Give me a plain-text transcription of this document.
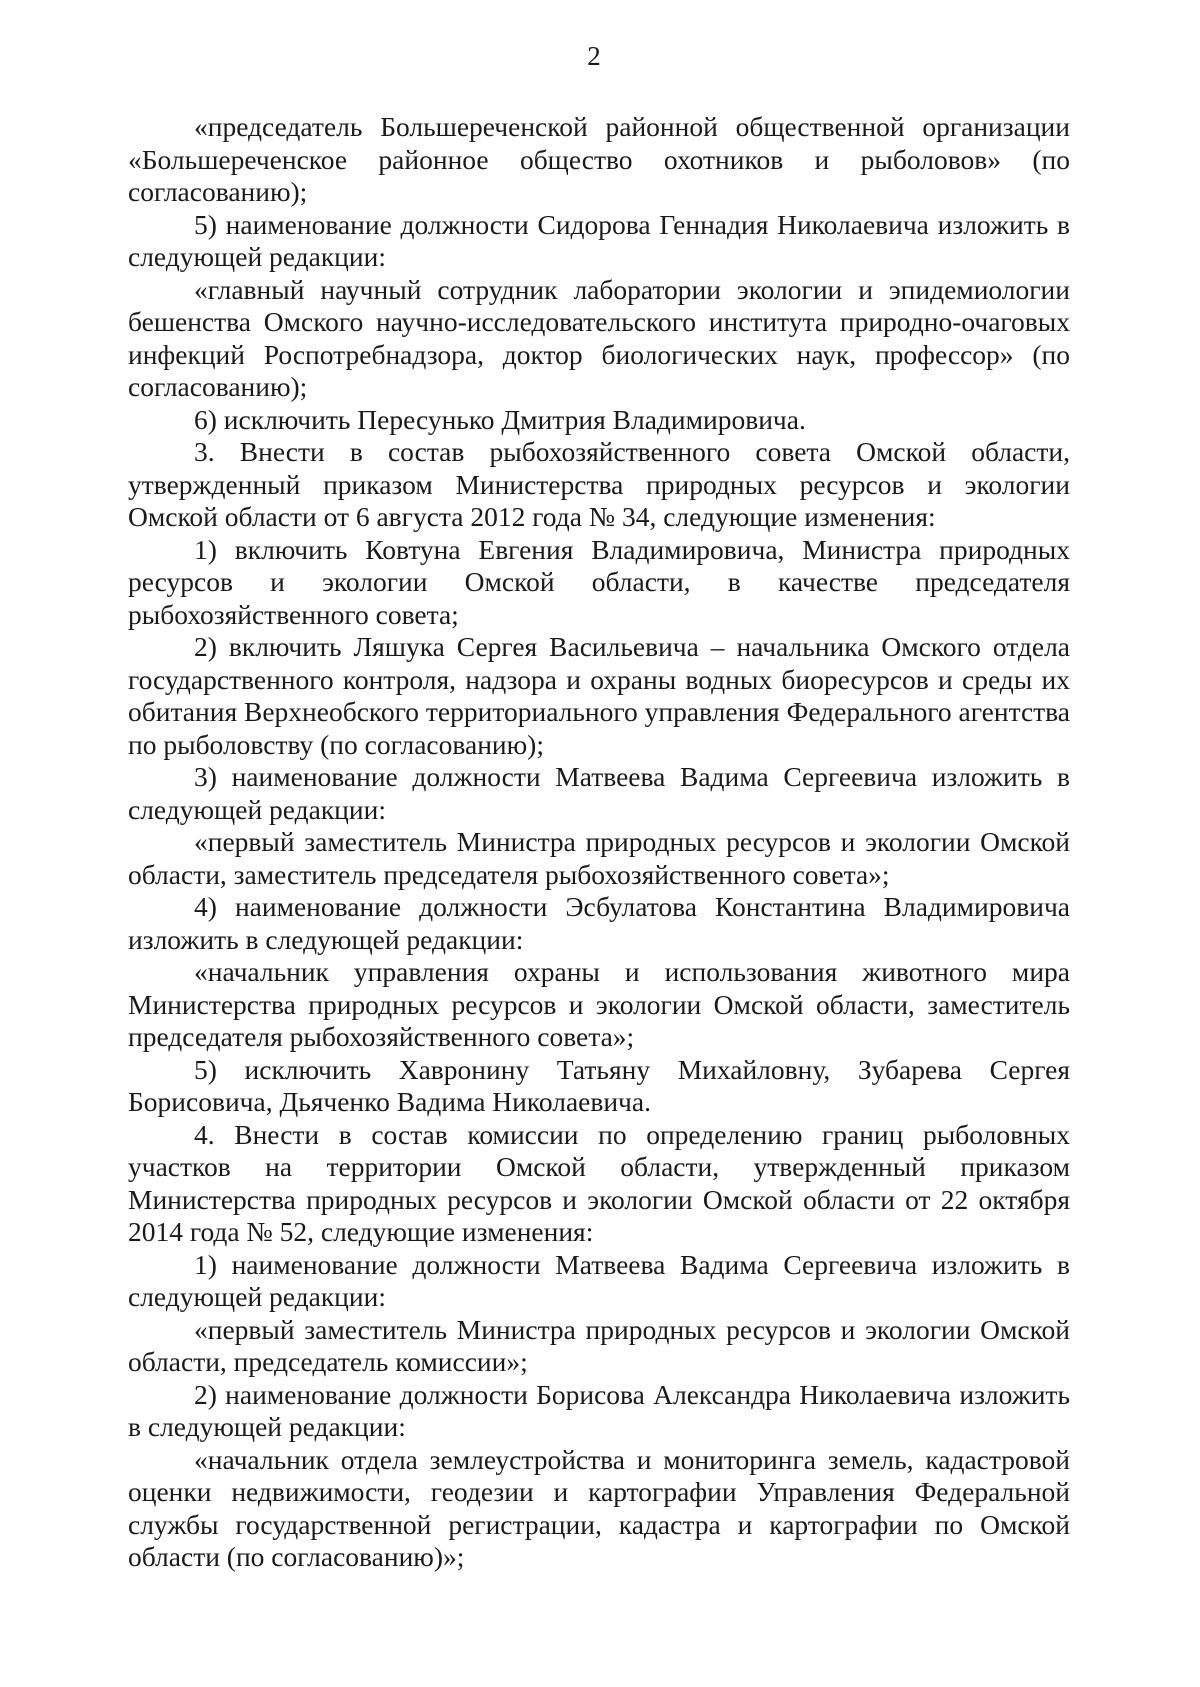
2

«председатель Большереченской районной общественной организации «Большереченское районное общество охотников и рыболовов» (по согласованию);

5) наименование должности Сидорова Геннадия Николаевича изложить в следующей редакции:

«главный научный сотрудник лаборатории экологии и эпидемиологии бешенства Омского научно-исследовательского института природно-очаговых инфекций Роспотребнадзора, доктор биологических наук, профессор» (по согласованию);

6) исключить Пересунько Дмитрия Владимировича.

3. Внести в состав рыбохозяйственного совета Омской области, утвержденный приказом Министерства природных ресурсов и экологии Омской области от 6 августа 2012 года № 34, следующие изменения:

1) включить Ковтуна Евгения Владимировича, Министра природных ресурсов и экологии Омской области, в качестве председателя рыбохозяйственного совета;

2) включить Ляшука Сергея Васильевича – начальника Омского отдела государственного контроля, надзора и охраны водных биоресурсов и среды их обитания Верхнеобского территориального управления Федерального агентства по рыболовству (по согласованию);

3) наименование должности Матвеева Вадима Сергеевича изложить в следующей редакции:

«первый заместитель Министра природных ресурсов и экологии Омской области, заместитель председателя рыбохозяйственного совета»;

4) наименование должности Эсбулатова Константина Владимировича изложить в следующей редакции:

«начальник управления охраны и использования животного мира Министерства природных ресурсов и экологии Омской области, заместитель председателя рыбохозяйственного совета»;

5) исключить Хавронину Татьяну Михайловну, Зубарева Сергея Борисовича, Дьяченко Вадима Николаевича.

4. Внести в состав комиссии по определению границ рыболовных участков на территории Омской области, утвержденный приказом Министерства природных ресурсов и экологии Омской области от 22 октября 2014 года № 52, следующие изменения:

1) наименование должности Матвеева Вадима Сергеевича изложить в следующей редакции:

«первый заместитель Министра природных ресурсов и экологии Омской области, председатель комиссии»;

2) наименование должности Борисова Александра Николаевича изложить в следующей редакции:

«начальник отдела землеустройства и мониторинга земель, кадастровой оценки недвижимости, геодезии и картографии Управления Федеральной службы государственной регистрации, кадастра и картографии по Омской области (по согласованию)»;
